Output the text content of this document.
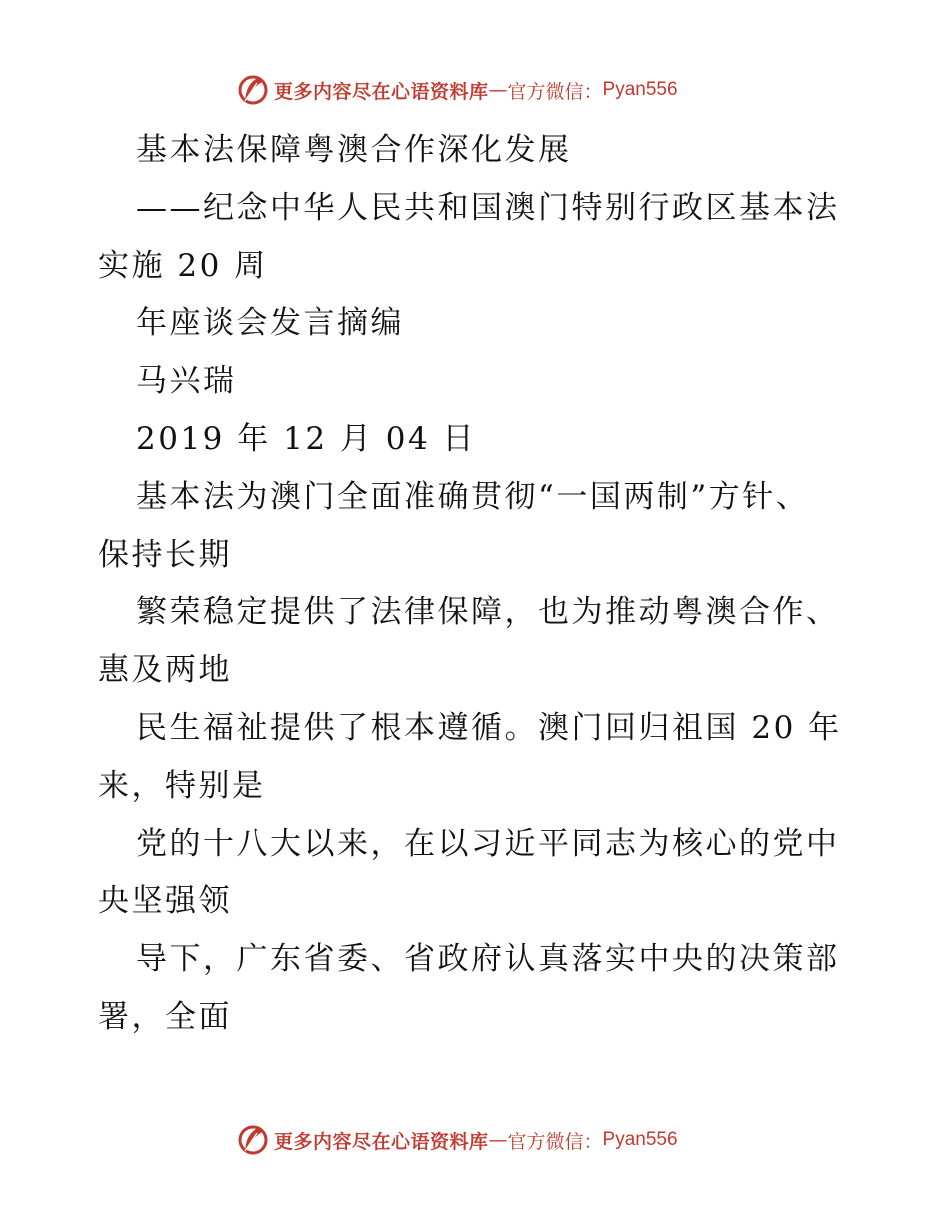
更多内容尽在心语资料库 — 官方微信： Pyan556
基本法保障粤澳合作深化发展
——纪念中华人民共和国澳门特别行政区基本法
实施 20 周
年座谈会发言摘编
马兴瑞
2019 年 12 月 04 日
基本法为澳门全面准确贯彻“一国两制”方针、
保持长期
繁荣稳定提供了法律保障，也为推动粤澳合作、
惠及两地
民生福祉提供了根本遵循。澳门回归祖国 20 年
来，特别是
党的十八大以来，在以习近平同志为核心的党中
央坚强领
导下，广东省委、省政府认真落实中央的决策部
署，全面
更多内容尽在心语资料库 — 官方微信： Pyan556
